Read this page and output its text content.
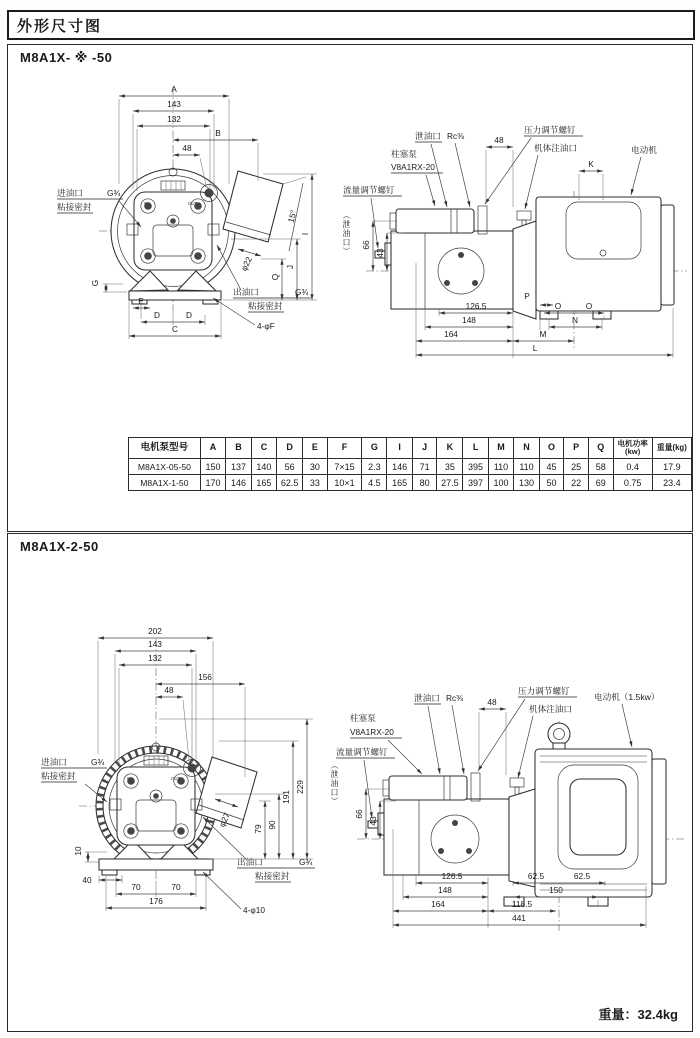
外形尺寸图
M8A1X- ※ -50
IN	OUT
A
143
132
B
48
进油口	G¾
粘接密封
G
E
D	D
C	4-φF
15°
φ22
I
J
Q
出油口	G¾
粘接密封
泄油口 Rc⅜	48
压力调节螺钉
机体注油口	电动机
K
柱塞泵
V8A1RX-20
流量调节螺钉
66
43
P
126.5	O	O
148	N
164	M
L
（泄油口）
电机泵型号	A	B	C	D	E	F	G	I	J	K	L	M	N	O	P	Q	电机功率(kw)	重量(kg)
M8A1X-05-50	150	137	140	56	30	7×15	2.3	146	71	35	395	110	110	45	25	58	0.4	17.9
M8A1X-1-50	170	146	165	62.5	33	10×1	4.5	165	80	27.5	397	100	130	50	22	69	0.75	23.4
M8A1X-2-50
IN	OUT
202
143
132
156
48
进油口	G¾
粘接密封
10
40
70	70
176
4-φ10
φ27
出油口	G¾
粘接密封
79 90
191
229
泄油口 Rc⅜	48
压力调节螺钉
机体注油口
电动机（1.5kw）
柱塞泵
V8A1RX-20
流量调节螺钉
66
43
126.5	62.5	62.5
148	150
164	118.5
441
（泄油口）
重量：32.4kg
